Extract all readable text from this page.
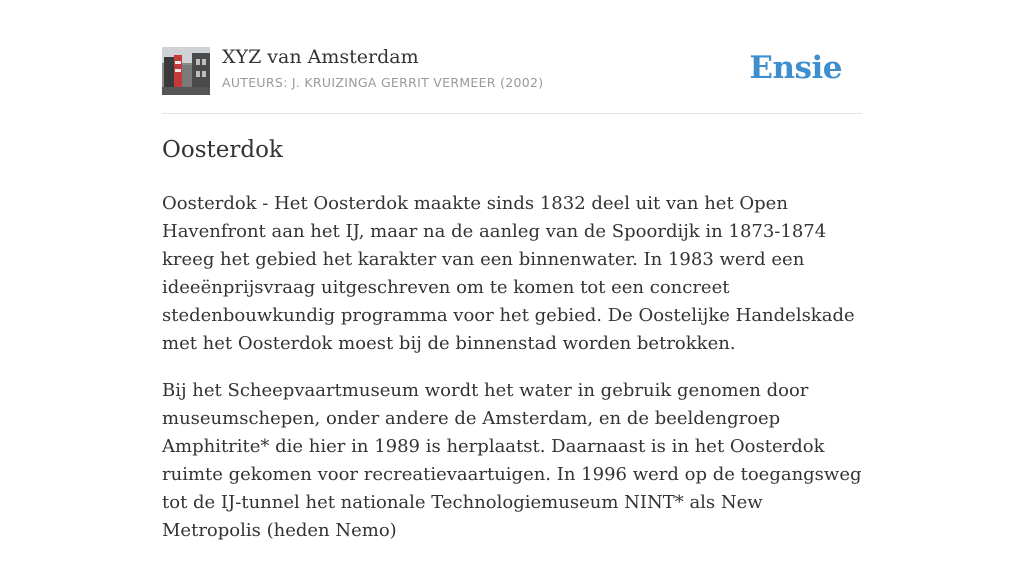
XYZ van Amsterdam
AUTEURS: J. KRUIZINGA GERRIT VERMEER (2002)	Ensie
Oosterdok

Oosterdok - Het Oosterdok maakte sinds 1832 deel uit van het Open Havenfront aan het IJ, maar na de aanleg van de Spoordijk in 1873-1874 kreeg het gebied het karakter van een binnenwater. In 1983 werd een ideeënprijsvraag uitgeschreven om te komen tot een concreet stedenbouwkundig programma voor het gebied. De Oostelijke Handelskade met het Oosterdok moest bij de binnenstad worden betrokken.

Bij het Scheepvaartmuseum wordt het water in gebruik genomen door museumschepen, onder andere de Amsterdam, en de beeldengroep Amphitrite* die hier in 1989 is herplaatst. Daarnaast is in het Oosterdok ruimte gekomen voor recreatievaartuigen. In 1996 werd op de toegangsweg tot de IJ-tunnel het nationale Technologiemuseum NINT* als New Metropolis (heden Nemo)
